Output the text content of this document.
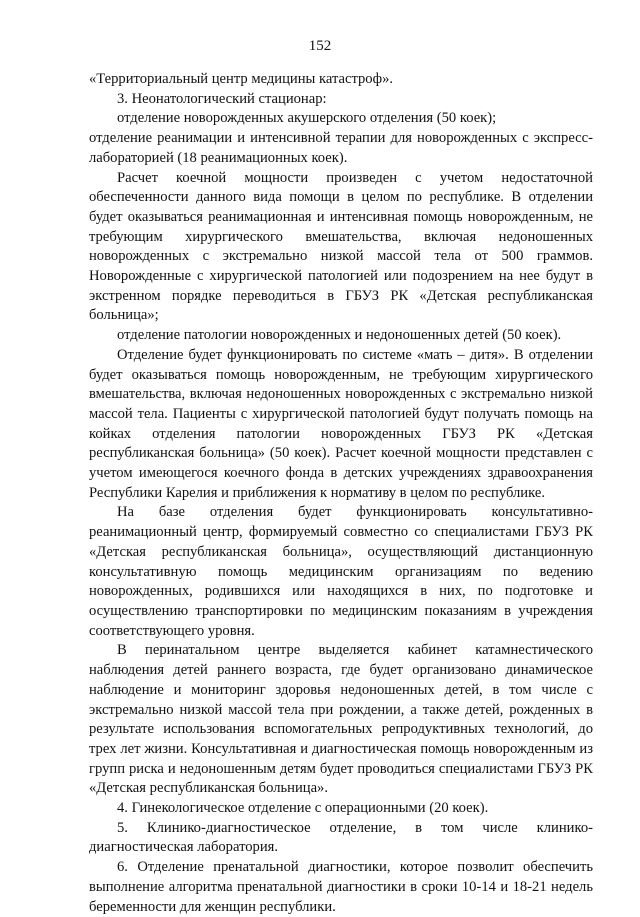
152

«Территориальный центр медицины катастроф».

3. Неонатологический стационар:

отделение новорожденных акушерского отделения (50 коек);

отделение реанимации и интенсивной терапии для новорожденных с экспресс-лабораторией (18 реанимационных коек).

Расчет коечной мощности произведен с учетом недостаточной обеспеченности данного вида помощи в целом по республике. В отделении будет оказываться реанимационная и интенсивная помощь новорожденным, не требующим хирургического вмешательства, включая недоношенных новорожденных с экстремально низкой массой тела от 500 граммов. Новорожденные с хирургической патологией или подозрением на нее будут в экстренном порядке переводиться в ГБУЗ РК «Детская республиканская больница»;

отделение патологии новорожденных и недоношенных детей (50 коек).

Отделение будет функционировать по системе «мать – дитя». В отделении будет оказываться помощь новорожденным, не требующим хирургического вмешательства, включая недоношенных новорожденных с экстремально низкой массой тела. Пациенты с хирургической патологией будут получать помощь на койках отделения патологии новорожденных ГБУЗ РК «Детская республиканская больница» (50 коек). Расчет коечной мощности представлен с учетом имеющегося коечного фонда в детских учреждениях здравоохранения Республики Карелия и приближения к нормативу в целом по республике.

На базе отделения будет функционировать консультативно-реанимационный центр, формируемый совместно со специалистами ГБУЗ РК «Детская республиканская больница», осуществляющий дистанционную консультативную помощь медицинским организациям по ведению новорожденных, родившихся или находящихся в них, по подготовке и осуществлению транспортировки по медицинским показаниям в учреждения соответствующего уровня.

В перинатальном центре выделяется кабинет катамнестического наблюдения детей раннего возраста, где будет организовано динамическое наблюдение и мониторинг здоровья недоношенных детей, в том числе с экстремально низкой массой тела при рождении, а также детей, рожденных в результате использования вспомогательных репродуктивных технологий, до трех лет жизни. Консультативная и диагностическая помощь новорожденным из групп риска и недоношенным детям будет проводиться специалистами ГБУЗ РК «Детская республиканская больница».

4. Гинекологическое отделение с операционными (20 коек).

5. Клинико-диагностическое отделение, в том числе клинико-диагностическая лаборатория.

6. Отделение пренатальной диагностики, которое позволит обеспечить выполнение алгоритма пренатальной диагностики в сроки 10-14 и 18-21 недель беременности для женщин республики.
